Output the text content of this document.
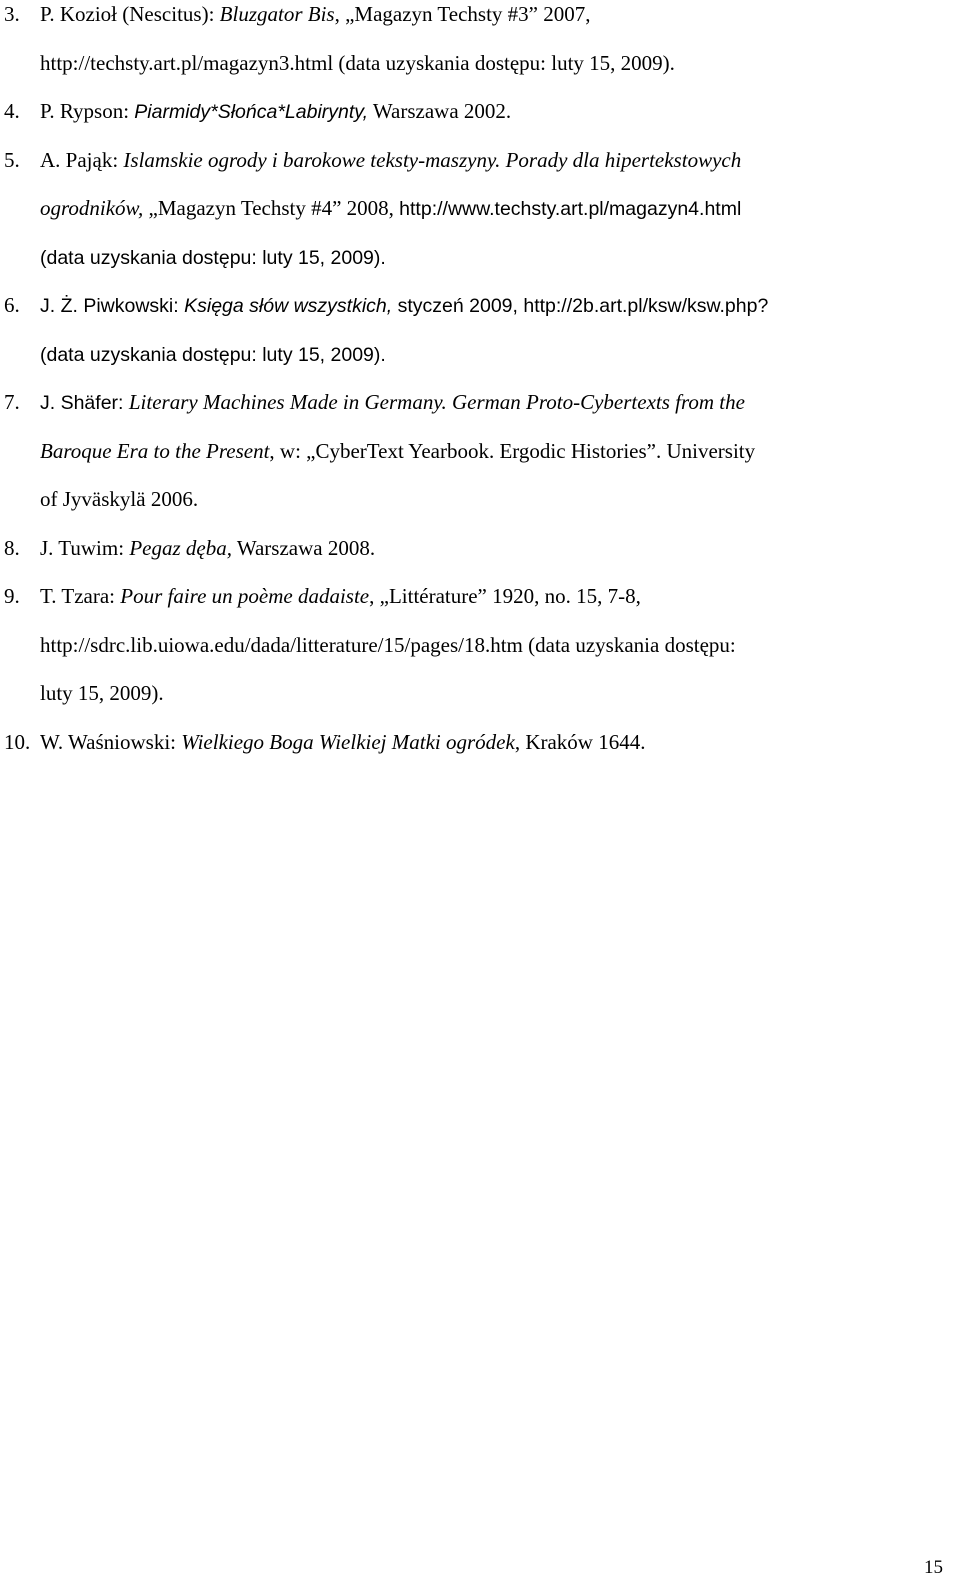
3. P. Kozioł (Nescitus): Bluzgator Bis, „Magazyn Techsty #3” 2007,
http://techsty.art.pl/magazyn3.html (data uzyskania dostępu: luty 15, 2009).
4. P. Rypson: Piarmidy*Słońca*Labirynty, Warszawa 2002.
5. A. Pająk: Islamskie ogrody i barokowe teksty-maszyny. Porady dla hipertekstowych
ogrodników, „Magazyn Techsty #4” 2008, http://www.techsty.art.pl/magazyn4.html
(data uzyskania dostępu: luty 15, 2009).
6. J. Ż. Piwkowski: Księga słów wszystkich, styczeń 2009, http://2b.art.pl/ksw/ksw.php?
(data uzyskania dostępu: luty 15, 2009).
7. J. Shäfer: Literary Machines Made in Germany. German Proto-Cybertexts from the
Baroque Era to the Present, w: „CyberText Yearbook. Ergodic Histories”. University
of Jyväskylä 2006.
8. J. Tuwim: Pegaz dęba, Warszawa 2008.
9. T. Tzara: Pour faire un poème dadaiste, „Littérature” 1920, no. 15, 7-8,
http://sdrc.lib.uiowa.edu/dada/litterature/15/pages/18.htm (data uzyskania dostępu:
luty 15, 2009).
10. W. Waśniowski: Wielkiego Boga Wielkiej Matki ogródek, Kraków 1644.
15
